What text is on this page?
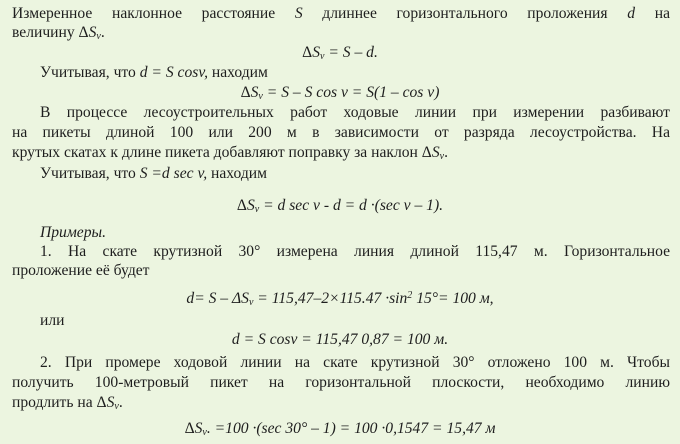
Измеренное наклонное расстояние S длиннее горизонтального проложения d на
величину $\Delta S_v$.
$\Delta S_v = S - d$.
Учитывая, что d = S cosv, находим
$\Delta S_v = S - S$ cos v = S(1 – cos v)
В процессе лесоустроительных работ ходовые линии при измерении разбивают
на пикеты длиной 100 или 200 м в зависимости от разряда лесоустройства. На
крутых скатах к длине пикета добавляют поправку за наклон $\Delta S_v$.
Учитывая, что S =d sec v, находим
$\Delta S_v = d$ sec v - d = d ·(sec v – 1).
Примеры.
1. На скате крутизной 30° измерена линия длиной 115,47 м. Горизонтальное
проложение её будет
$d= S - \Delta S_v = 115,47-2\times 115.47 \cdot\sin^2$ 15°= 100 м,
или
d = S cosv = 115,47 0,87 = 100 м.
2. При промере ходовой линии на скате крутизной 30° отложено 100 м. Чтобы
получить 100-метровый пикет на горизонтальной плоскости, необходимо линию
продлить на $\Delta S_v$.
$\Delta S_v$. =100 ·(sec 30° – 1) = 100 ·0,1547 = 15,47 м
